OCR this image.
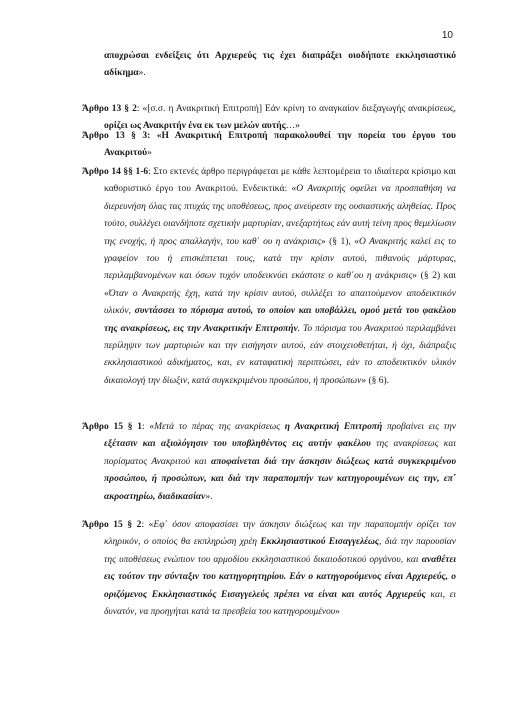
10
αποχρώσαι ενδείξεις ότι Αρχιερεύς τις έχει διαπράξει οιοδήποτε εκκλησιαστικό αδίκημα».
Άρθρο 13 § 2: «[σ.σ. η Ανακριτική Επιτροπή] Εάν κρίνη το αναγκαίον διεξαγωγής ανακρίσεως, ορίζει ως Ανακριτήν ένα εκ των μελών αυτής…»
Άρθρο 13 § 3: «Η Ανακριτική Επιτροπή παρακολουθεί την πορεία του έργου του Ανακριτού»
Άρθρο 14 §§ 1-6: Στο εκτενές άρθρο περιγράφεται με κάθε λεπτομέρεια το ιδιαίτερα κρίσιμο και καθοριστικό έργο του Ανακριτού. Ενδεικτικά: «Ο Ανακριτής οφείλει να προσπαθήση να διερευνήση όλας τας πτυχάς της υποθέσεως, προς ανεύρεσιν της ουσιαστικής αληθείας. Προς τούτο, συλλέγει οιανδήποτε σχετικήν μαρτυρίαν, ανεξαρτήτως εάν αυτή τείνη προς θεμελίωσιν της ενοχής, ή προς απαλλαγήν, του καθ΄ ου η ανάκρισις» (§ 1), «Ο Ανακριτής καλεί εις το γραφείον του ή επισκέπτεται τους, κατά την κρίσιν αυτού, πιθανούς μάρτυρας, περιλαμβανομένων και όσων τυχόν υποδεικνύει εκάστοτε ο καθ΄ου η ανάκρισις» (§ 2) και «Όταν ο Ανακριτής έχη, κατά την κρίσιν αυτού, συλλέξει το απαιτούμενον αποδεικτικόν υλικόν, συντάσσει το πόρισμα αυτού, το οποίον και υποβάλλει, ομού μετά του φακέλου της ανακρίσεως, εις την Ανακριτικήν Επιτροπήν. Το πόρισμα του Ανακριτού περιλαμβάνει περίληψιν των μαρτυριών και την εισήγησιν αυτού, εάν στοιχειοθετήται, ή όχι, διάπραξις εκκλησιαστικού αδικήματος, και, εν καταφατική περιπτώσει, εάν το αποδεικτικόν υλικόν δικαιολογή την δίωξιν, κατά συγκεκριμένου προσώπου, ή προσώπων» (§ 6).
Άρθρο 15 § 1: «Μετά το πέρας της ανακρίσεως η Ανακριτική Επιτροπή προβαίνει εις την εξέτασιν και αξιολόγησιν του υποβληθέντος εις αυτήν φακέλου της ανακρίσεως και πορίσματος Ανακριτού και αποφαίνεται διά την άσκησιν διώξεως κατά συγκεκριμένου προσώπου, ή προσώπων, και διά την παραπομπήν των κατηγορουμένων εις την, επ΄ ακροατηρίω, διαδικασίαν».
Άρθρο 15 § 2: «Εφ΄ όσον αποφασίσει την άσκησιν διώξεως και την παραπομπήν ορίζει τον κληρικόν, ο οποίος θα εκπληρώση χρέη Εκκλησιαστικού Εισαγγελέως, διά την παρουσίαν της υποθέσεως ενώπιον του αρμοδίου εκκλησιαστικού δικαιοδοτικού οργάνου, και αναθέτει εις τούτον την σύνταξιν του κατηγορητηρίου. Εάν ο κατηγορούμενος είναι Αρχιερεύς, ο οριζόμενος Εκκλησιαστικός Εισαγγελεύς πρέπει να είναι και αυτός Αρχιερεύς και, ει δυνατόν, να προηγήται κατά τα πρεσβεία του κατηγορουμένου»
